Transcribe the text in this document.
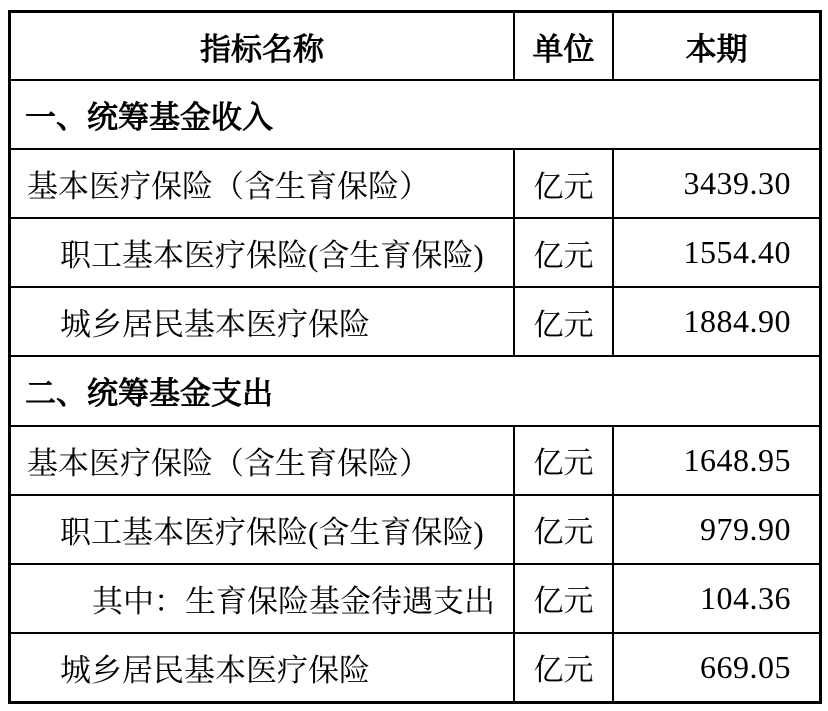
指标名称	单位	本期
一、统筹基金收入
基本医疗保险（含生育保险）	亿元	3439.30
职工基本医疗保险(含生育保险)	亿元	1554.40
城乡居民基本医疗保险	亿元	1884.90
二、统筹基金支出
基本医疗保险（含生育保险）	亿元	1648.95
职工基本医疗保险(含生育保险)	亿元	979.90
其中：生育保险基金待遇支出	亿元	104.36
城乡居民基本医疗保险	亿元	669.05
